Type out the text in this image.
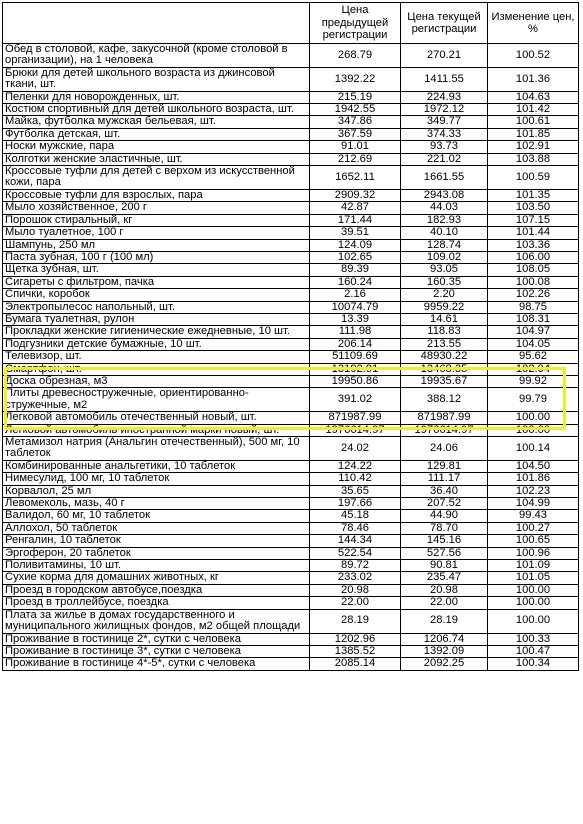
	Цена предыдущей регистрации	Цена текущей регистрации	Изменение цен, %
Обед в столовой, кафе, закусочной (кроме столовой в организации), на 1 человека	268.79	270.21	100.52
Брюки для детей школьного возраста из джинсовой ткани, шт.	1392.22	1411.55	101.36
Пеленки для новорожденных, шт.	215.19	224.93	104.63
Костюм спортивный для детей школьного возраста, шт.	1942.55	1972.12	101.42
Майка, футболка мужская бельевая, шт.	347.86	349.77	100.61
Футболка детская, шт.	367.59	374.33	101.85
Носки мужские, пара	91.01	93.73	102.91
Колготки женские эластичные, шт.	212.69	221.02	103.88
Кроссовые туфли для детей с верхом из искусственной кожи, пара	1652.11	1661.55	100.59
Кроссовые туфли для взрослых, пара	2909.32	2943.08	101.35
Мыло хозяйственное, 200 г	42.87	44.03	103.50
Порошок стиральный, кг	171.44	182.93	107.15
Мыло туалетное, 100 г	39.51	40.10	101.44
Шампунь, 250 мл	124.09	128.74	103.36
Паста зубная, 100 г (100 мл)	102.65	109.02	106.00
Щетка зубная, шт.	89.39	93.05	108.05
Сигареты с фильтром, пачка	160.24	160.35	100.08
Спички, коробок	2.16	2.20	102.26
Электропылесос напольный, шт.	10074.79	9959.22	98.75
Бумага туалетная, рулон	13.39	14.61	108.31
Прокладки женские гигиенические ежедневные, 10 шт.	111.98	118.83	104.97
Подгузники детские бумажные, 10 шт.	206.14	213.55	104.05
Телевизор, шт.	51109.69	48930.22	95.62
Смартфон, шт.	13192.91	13468.35	102.04
Доска обрезная, м3	19950.86	19935.67	99.92
Плиты древесностружечные, ориентированно-стружечные, м2	391.02	388.12	99.79
Легковой автомобиль отечественный новый, шт.	871987.99	871987.99	100.00
Легковой автомобиль иностранной марки новый, шт.	1976614.97	1976614.97	100.00
Метамизол натрия (Анальгин отечественный), 500 мг, 10 таблеток	24.02	24.06	100.14
Комбинированные анальгетики, 10 таблеток	124.22	129.81	104.50
Нимесулид, 100 мг, 10 таблеток	110.42	111.17	101.86
Корвалол, 25 мл	35.65	36.40	102.23
Левомеколь, мазь, 40 г	197.66	207.52	104.99
Валидол, 60 мг, 10 таблеток	45.18	44.90	99.43
Аллохол, 50 таблеток	78.46	78.70	100.27
Ренгалин, 10 таблеток	144.34	145.16	100.65
Эргоферон, 20 таблеток	522.54	527.56	100.96
Поливитамины, 10 шт.	89.72	90.81	101.09
Сухие корма для домашних животных, кг	233.02	235.47	101.05
Проезд в городском автобусе,поездка	20.98	20.98	100.00
Проезд в троллейбусе, поездка	22.00	22.00	100.00
Плата за жилье в домах государственного и муниципального жилищных фондов, м2 общей площади	28.19	28.19	100.00
Проживание в гостинице 2*, сутки с человека	1202.96	1206.74	100.33
Проживание в гостинице 3*, сутки с человека	1385.52	1392.09	100.47
Проживание в гостинице 4*-5*, сутки с человека	2085.14	2092.25	100.34
